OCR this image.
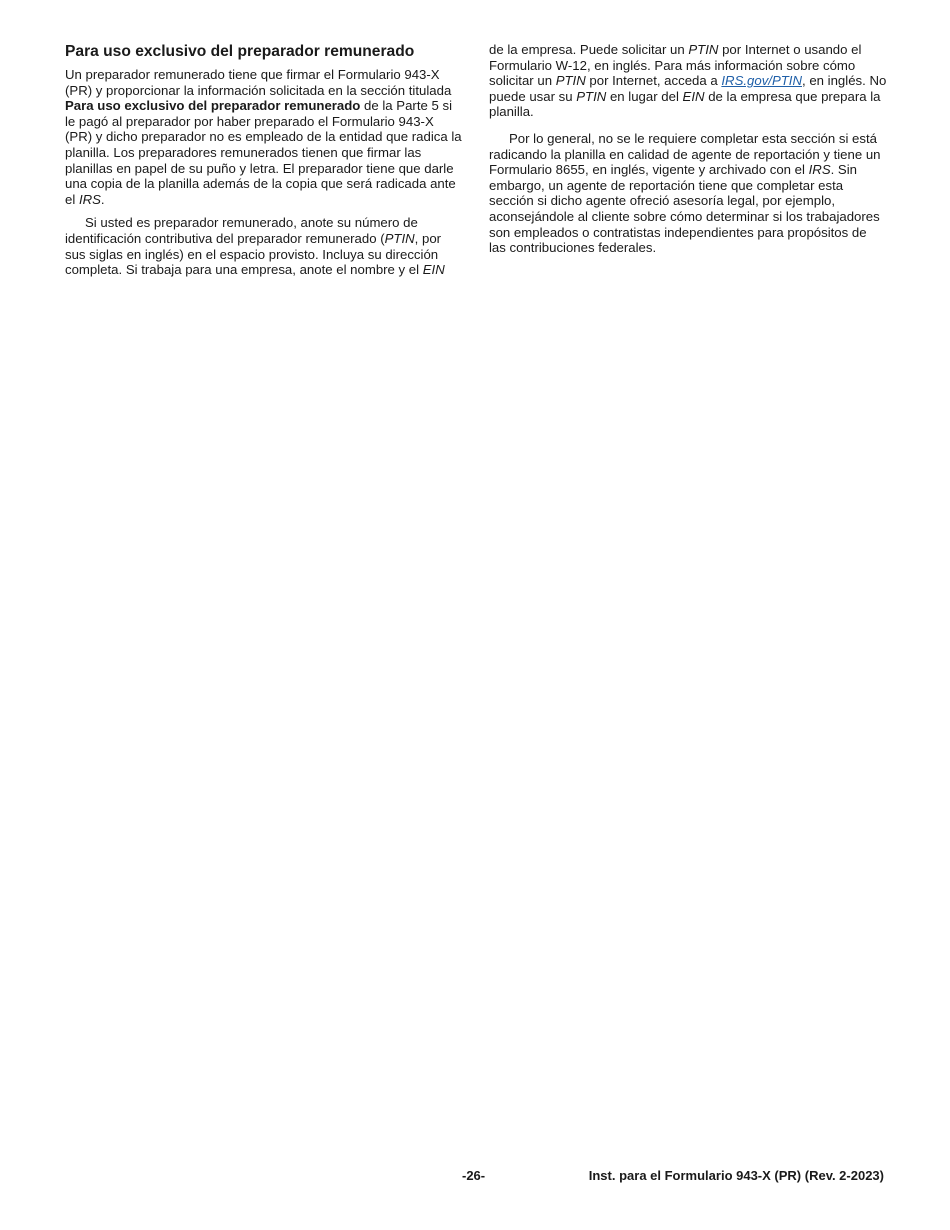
Para uso exclusivo del preparador remunerado

Un preparador remunerado tiene que firmar el Formulario 943-X (PR) y proporcionar la información solicitada en la sección titulada Para uso exclusivo del preparador remunerado de la Parte 5 si le pagó al preparador por haber preparado el Formulario 943-X (PR) y dicho preparador no es empleado de la entidad que radica la planilla. Los preparadores remunerados tienen que firmar las planillas en papel de su puño y letra. El preparador tiene que darle una copia de la planilla además de la copia que será radicada ante el IRS.

Si usted es preparador remunerado, anote su número de identificación contributiva del preparador remunerado (PTIN, por sus siglas en inglés) en el espacio provisto. Incluya su dirección completa. Si trabaja para una empresa, anote el nombre y el EIN

de la empresa. Puede solicitar un PTIN por Internet o usando el Formulario W-12, en inglés. Para más información sobre cómo solicitar un PTIN por Internet, acceda a IRS.gov/PTIN, en inglés. No puede usar su PTIN en lugar del EIN de la empresa que prepara la planilla.

Por lo general, no se le requiere completar esta sección si está radicando la planilla en calidad de agente de reportación y tiene un Formulario 8655, en inglés, vigente y archivado con el IRS. Sin embargo, un agente de reportación tiene que completar esta sección si dicho agente ofreció asesoría legal, por ejemplo, aconsejándole al cliente sobre cómo determinar si los trabajadores son empleados o contratistas independientes para propósitos de las contribuciones federales.

-26-	Inst. para el Formulario 943-X (PR) (Rev. 2-2023)
